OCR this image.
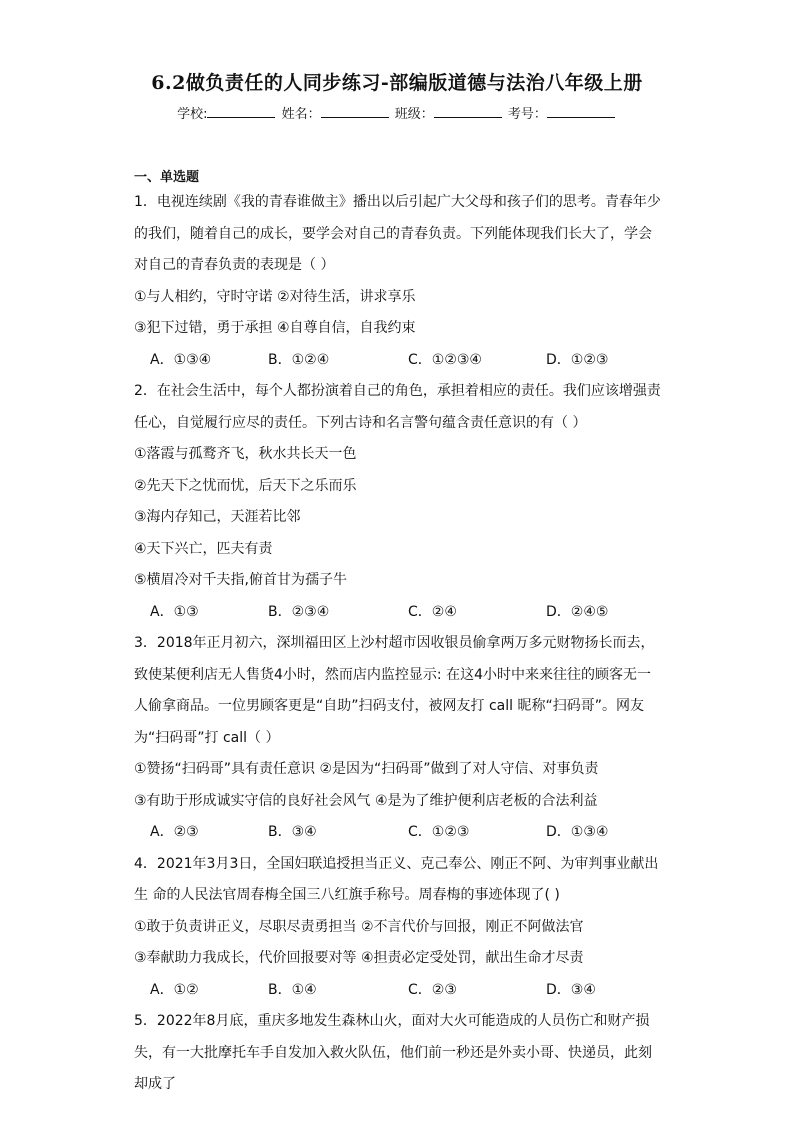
6.2做负责任的人同步练习-部编版道德与法治八年级上册
学校:	姓名：	班级：	考号：
一、单选题
1．电视连续剧《我的青春谁做主》播出以后引起广大父母和孩子们的思考。青春年少的我们，随着自己的成长，要学会对自己的青春负责。下列能体现我们长大了，学会对自己的青春负责的表现是（ ）
①与人相约，守时守诺 ②对待生活，讲求享乐
③犯下过错，勇于承担 ④自尊自信，自我约束
A．①③④	B．①②④	C．①②③④	D．①②③
2．在社会生活中，每个人都扮演着自己的角色，承担着相应的责任。我们应该增强责任心，自觉履行应尽的责任。下列古诗和名言警句蕴含责任意识的有（ ）
①落霞与孤鹜齐飞，秋水共长天一色
②先天下之忧而忧，后天下之乐而乐
③海内存知己，天涯若比邻
④天下兴亡，匹夫有责
⑤横眉冷对千夫指,俯首甘为孺子牛
A．①③	B．②③④	C．②④	D．②④⑤
3．2018年正月初六，深圳福田区上沙村超市因收银员偷拿两万多元财物扬长而去，致使某便利店无人售货4小时，然而店内监控显示: 在这4小时中来来往往的顾客无一人偷拿商品。一位男顾客更是“自助”扫码支付，被网友打 call 昵称“扫码哥”。网友为“扫码哥”打 call（ ）
①赞扬“扫码哥”具有责任意识 ②是因为“扫码哥”做到了对人守信、对事负责
③有助于形成诚实守信的良好社会风气 ④是为了维护便利店老板的合法利益
A．②③	B．③④	C．①②③	D．①③④
4．2021年3月3日，全国妇联追授担当正义、克己奉公、刚正不阿、为审判事业献出生 命的人民法官周春梅全国三八红旗手称号。周春梅的事迹体现了( )
①敢于负责讲正义，尽职尽责勇担当 ②不言代价与回报，刚正不阿做法官
③奉献助力我成长，代价回报要对等 ④担责必定受处罚，献出生命才尽责
A．①②	B．①④	C．②③	D．③④
5．2022年8月底，重庆多地发生森林山火，面对大火可能造成的人员伤亡和财产损失，有一大批摩托车手自发加入救火队伍，他们前一秒还是外卖小哥、快递员，此刻却成了
